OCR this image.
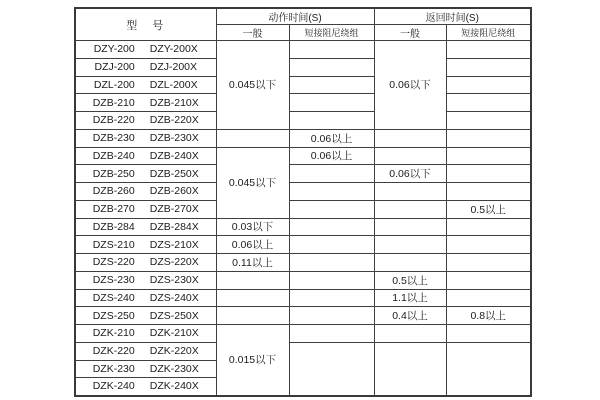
型　号	动作时间(S)		返回时间(S)	
	一般	短接阻尼绕组	一般	短接阻尼绕组

DZY-200 DZY-200X	0.045以下		0.06以下	

DZJ-200 DZJ-200X				

DZL-200 DZL-200X				

DZB-210 DZB-210X				

DZB-220 DZB-220X				

DZB-230 DZB-230X		0.06以上		

DZB-240 DZB-240X	0.045以下	0.06以上		

DZB-250 DZB-250X			0.06以下	

DZB-260 DZB-260X				

DZB-270 DZB-270X				0.5以上

DZB-284 DZB-284X	0.03以下			

DZS-210 DZS-210X	0.06以上			

DZS-220 DZS-220X	0.11以上			

DZS-230 DZS-230X			0.5以上	

DZS-240 DZS-240X			1.1以上	

DZS-250 DZS-250X			0.4以上	0.8以上

DZK-210 DZK-210X	0.015以下			

DZK-220 DZK-220X				

DZK-230 DZK-230X				

DZK-240 DZK-240X				
